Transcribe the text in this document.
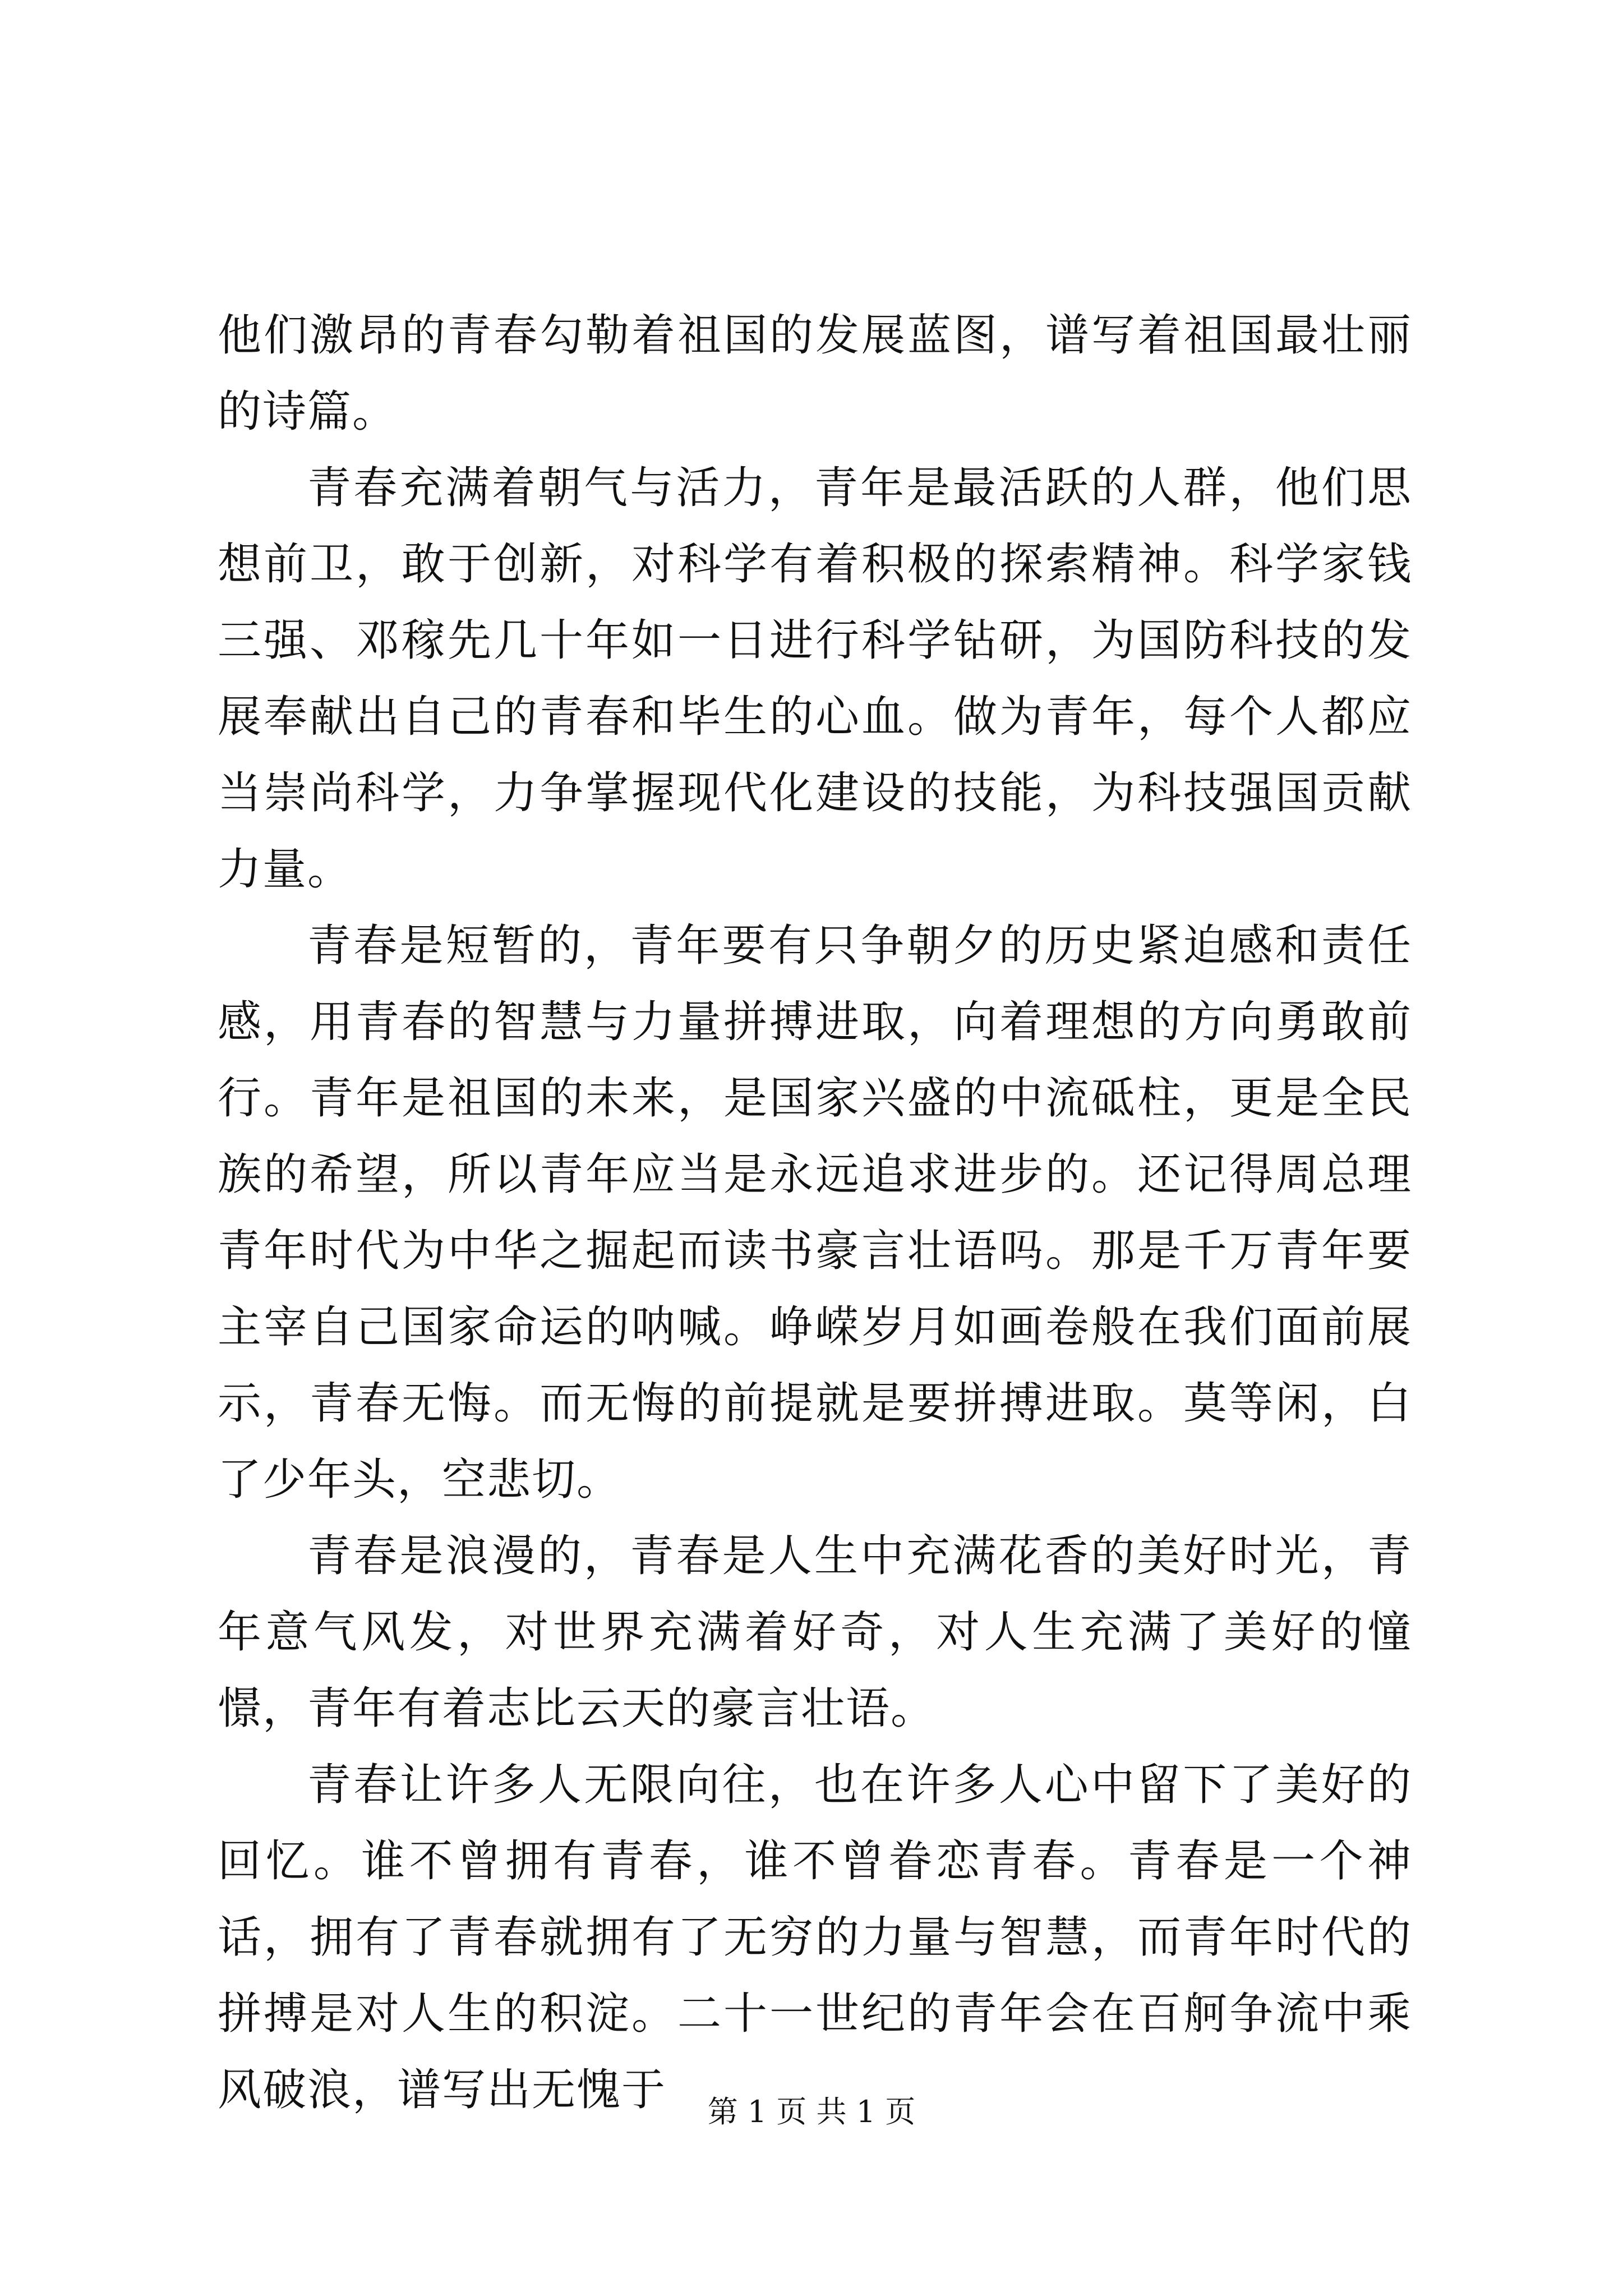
他们激昂的青春勾勒着祖国的发展蓝图，谱写着祖国最壮丽的诗篇。

青春充满着朝气与活力，青年是最活跃的人群，他们思想前卫，敢于创新，对科学有着积极的探索精神。科学家钱三强、邓稼先几十年如一日进行科学钻研，为国防科技的发展奉献出自己的青春和毕生的心血。做为青年，每个人都应当崇尚科学，力争掌握现代化建设的技能，为科技强国贡献力量。

青春是短暂的，青年要有只争朝夕的历史紧迫感和责任感，用青春的智慧与力量拼搏进取，向着理想的方向勇敢前行。青年是祖国的未来，是国家兴盛的中流砥柱，更是全民族的希望，所以青年应当是永远追求进步的。还记得周总理青年时代为中华之掘起而读书豪言壮语吗。那是千万青年要主宰自己国家命运的呐喊。峥嵘岁月如画卷般在我们面前展示，青春无悔。而无悔的前提就是要拼搏进取。莫等闲，白了少年头，空悲切。

青春是浪漫的，青春是人生中充满花香的美好时光，青年意气风发，对世界充满着好奇，对人生充满了美好的憧憬，青年有着志比云天的豪言壮语。

青春让许多人无限向往，也在许多人心中留下了美好的回忆。谁不曾拥有青春，谁不曾眷恋青春。青春是一个神话，拥有了青春就拥有了无穷的力量与智慧，而青年时代的拼搏是对人生的积淀。二十一世纪的青年会在百舸争流中乘风破浪，谱写出无愧于	第 1 页 共 1 页
